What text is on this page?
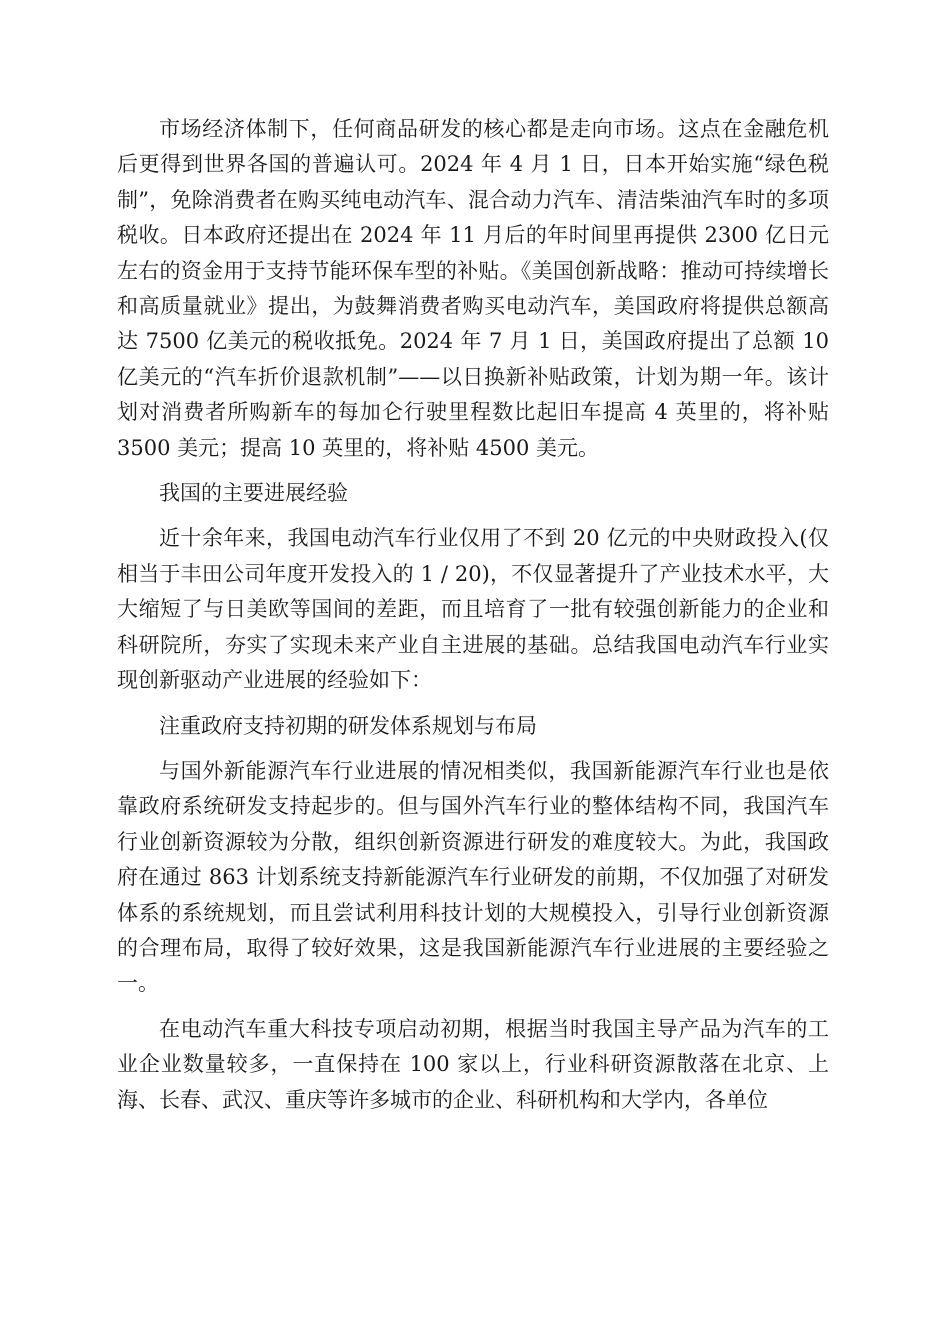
市场经济体制下，任何商品研发的核心都是走向市场。这点在金融危机后更得到世界各国的普遍认可。2024 年 4 月 1 日，日本开始实施“绿色税制”，免除消费者在购买纯电动汽车、混合动力汽车、清洁柴油汽车时的多项税收。日本政府还提出在 2024 年 11 月后的年时间里再提供 2300 亿日元左右的资金用于支持节能环保车型的补贴。《美国创新战略：推动可持续增长和高质量就业》提出，为鼓舞消费者购买电动汽车，美国政府将提供总额高达 7500 亿美元的税收抵免。2024 年 7 月 1 日，美国政府提出了总额 10 亿美元的“汽车折价退款机制”——以日换新补贴政策，计划为期一年。该计划对消费者所购新车的每加仑行驶里程数比起旧车提高 4 英里的，将补贴 3500 美元；提高 10 英里的，将补贴 4500 美元。

我国的主要进展经验

近十余年来，我国电动汽车行业仅用了不到 20 亿元的中央财政投入(仅相当于丰田公司年度开发投入的 1 / 20)，不仅显著提升了产业技术水平，大大缩短了与日美欧等国间的差距，而且培育了一批有较强创新能力的企业和科研院所，夯实了实现未来产业自主进展的基础。总结我国电动汽车行业实现创新驱动产业进展的经验如下：

注重政府支持初期的研发体系规划与布局

与国外新能源汽车行业进展的情况相类似，我国新能源汽车行业也是依靠政府系统研发支持起步的。但与国外汽车行业的整体结构不同，我国汽车行业创新资源较为分散，组织创新资源进行研发的难度较大。为此，我国政府在通过 863 计划系统支持新能源汽车行业研发的前期，不仅加强了对研发体系的系统规划，而且尝试利用科技计划的大规模投入，引导行业创新资源的合理布局，取得了较好效果，这是我国新能源汽车行业进展的主要经验之一。

在电动汽车重大科技专项启动初期，根据当时我国主导产品为汽车的工业企业数量较多，一直保持在 100 家以上，行业科研资源散落在北京、上海、长春、武汉、重庆等许多城市的企业、科研机构和大学内，各单位
